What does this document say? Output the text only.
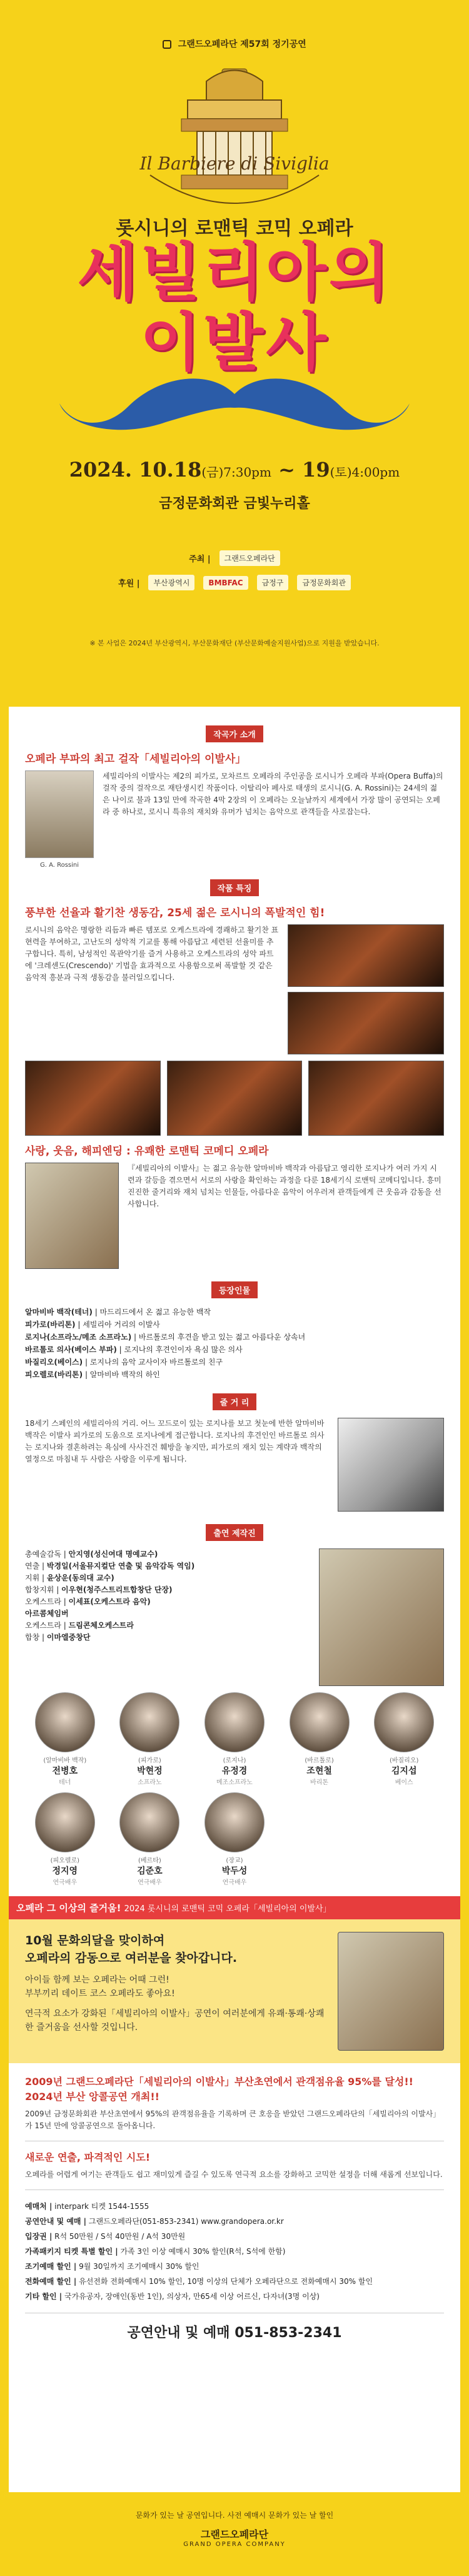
그랜드오페라단 제57회 정기공연
Il Barbiere di Siviglia
롯시니의 로맨틱 코믹 오페라
세빌리아의
이발사
2024. 10.18(금)7:30pm ~ 19(토)4:00pm
금정문화회관 금빛누리홀
주최 |	그랜드오페라단
후원 |	부산광역시	BMBFAC	금정구	금정문화회관
※ 본 사업은 2024년 부산광역시, 부산문화재단 (부산문화예술지원사업)으로 지원을 받았습니다.
작곡가 소개
오페라 부파의 최고 걸작「세빌리아의 이발사」
G. A. Rossini
세빌리아의 이발사는 제2의 피가로, 모차르트 오페라의 주인공을 로시니가 오페라 부파(Opera Buffa)의 걸작 중의 걸작으로 재탄생시킨 작품이다. 이탈리아 페사로 태생의 로시니(G. A. Rossini)는 24세의 젊은 나이로 불과 13일 만에 작곡한 4막 2장의 이 오페라는 오늘날까지 세계에서 가장 많이 공연되는 오페라 중 하나로, 로시니 특유의 재치와 유머가 넘치는 음악으로 관객들을 사로잡는다.
작품 특징
풍부한 선율과 활기찬 생동감, 25세 젊은 로시니의 폭발적인 힘!
로시니의 음악은 명랑한 리듬과 빠른 템포로 오케스트라에 경쾌하고 활기찬 표현력을 부여하고, 고난도의 성악적 기교를 통해 아름답고 세련된 선율미를 추구합니다. 특히, 남성적인 목관악기를 즐겨 사용하고 오케스트라의 성악 파트에 '크레센도(Crescendo)' 기법을 효과적으로 사용함으로써 폭발할 것 같은 음악적 흥분과 극적 생동감을 불러일으킵니다.
사랑, 웃음, 해피엔딩 : 유쾌한 로맨틱 코메디 오페라
『세빌리아의 이발사』는 젊고 유능한 알마비바 백작과 아름답고 영리한 로지나가 여러 가지 시련과 갈등을 겪으면서 서로의 사랑을 확인하는 과정을 다룬 18세기식 로맨틱 코메디입니다. 흥미진진한 줄거리와 재치 넘치는 인물들, 아름다운 음악이 어우러져 관객들에게 큰 웃음과 감동을 선사합니다.
등장인물
알마비바 백작(테너) | 마드리드에서 온 젊고 유능한 백작
피가로(바리톤) | 세빌리아 거리의 이발사
로지나(소프라노/메조 소프라노) | 바르톨로의 후견을 받고 있는 젊고 아름다운 상속녀
바르톨로 의사(베이스 부파) | 로지나의 후견인이자 욕심 많은 의사
바질리오(베이스) | 로지나의 음악 교사이자 바르톨로의 친구
피오렐로(바리톤) | 알마비바 백작의 하인
줄 거 리
18세기 스페인의 세빌리아의 거리. 어느 꼬드로이 있는 로지나를 보고 첫눈에 반한 알마비바 백작은 이발사 피가로의 도움으로 로지나에게 접근합니다. 로지나의 후견인인 바르톨로 의사는 로지나와 결혼하려는 욕심에 사사건건 훼방을 놓지만, 피가로의 재치 있는 계략과 백작의 열정으로 마침내 두 사람은 사랑을 이루게 됩니다.
출연 제작진
총예술감독 | 안지영(성신여대 명예교수)
연출 | 박경일(서울뮤지컬단 연출 및 음악감독 역임)
지휘 | 윤상운(동의대 교수)
합창지휘 | 이우현(청주스트리트합창단 단장)
오케스트라 | 이세표(오케스트라 음악)
아르콤체임버
오케스트라 | 드림콘체오케스트라
합창 | 이마엘중창단
(알마비바 백작)
전병호
테너
(피가로)
박현정
소프라노
(로지나)
유정경
메조소프라노
(바르톨로)
조현철
바리톤
(바질리오)
김지섭
베이스
(피오렐로)
정지영
연극배우
(베르타)
김준호
연극배우
(장교)
박두성
연극배우
오페라 그 이상의 즐거움! 2024 롯시니의 로맨틱 코믹 오페라「세빌리아의 이발사」
10월 문화의달을 맞이하여
오페라의 감동으로 여러분을 찾아갑니다.
아이들 함께 보는 오페라는 어때 그런!
부부끼리 데이트 코스 오페라도 좋아요!
연극적 요소가 강화된「세빌리아의 이발사」공연이 여러분에게 유쾌·통쾌·상쾌한 즐거움을 선사할 것입니다.
2009년 그랜드오페라단「세빌리아의 이발사」부산초연에서 관객점유율 95%를 달성!!
2024년 부산 앙콜공연 개최!!
2009년 금정문화회관 부산초연에서 95%의 관객점유율을 기록하며 큰 호응을 받았던 그랜드오페라단의「세빌리아의 이발사」가 15년 만에 앙콜공연으로 돌아옵니다.
새로운 연출, 파격적인 시도!
오페라를 어렵게 여기는 관객들도 쉽고 재미있게 즐길 수 있도록 연극적 요소를 강화하고 코믹한 설정을 더해 새롭게 선보입니다.
예매처 | interpark 티켓 1544-1555
공연안내 및 예매 | 그랜드오페라단(051-853-2341) www.grandopera.or.kr
입장권 | R석 50만원 / S석 40만원 / A석 30만원
가족패키지 티켓 특별 할인 | 가족 3인 이상 예매시 30% 할인(R석, S석에 한함)
조기예매 할인 | 9월 30일까지 조기예매시 30% 할인
전화예매 할인 | 유선전화 전화예매시 10% 할인, 10명 이상의 단체가 오페라단으로 전화예매시 30% 할인
기타 할인 | 국가유공자, 장애인(동반 1인), 의상자, 만65세 이상 어르신, 다자녀(3명 이상)
공연안내 및 예매 051-853-2341
문화가 있는 날 공연입니다. 사전 예매시 문화가 있는 날 할인
그랜드오페라단
GRAND OPERA COMPANY
